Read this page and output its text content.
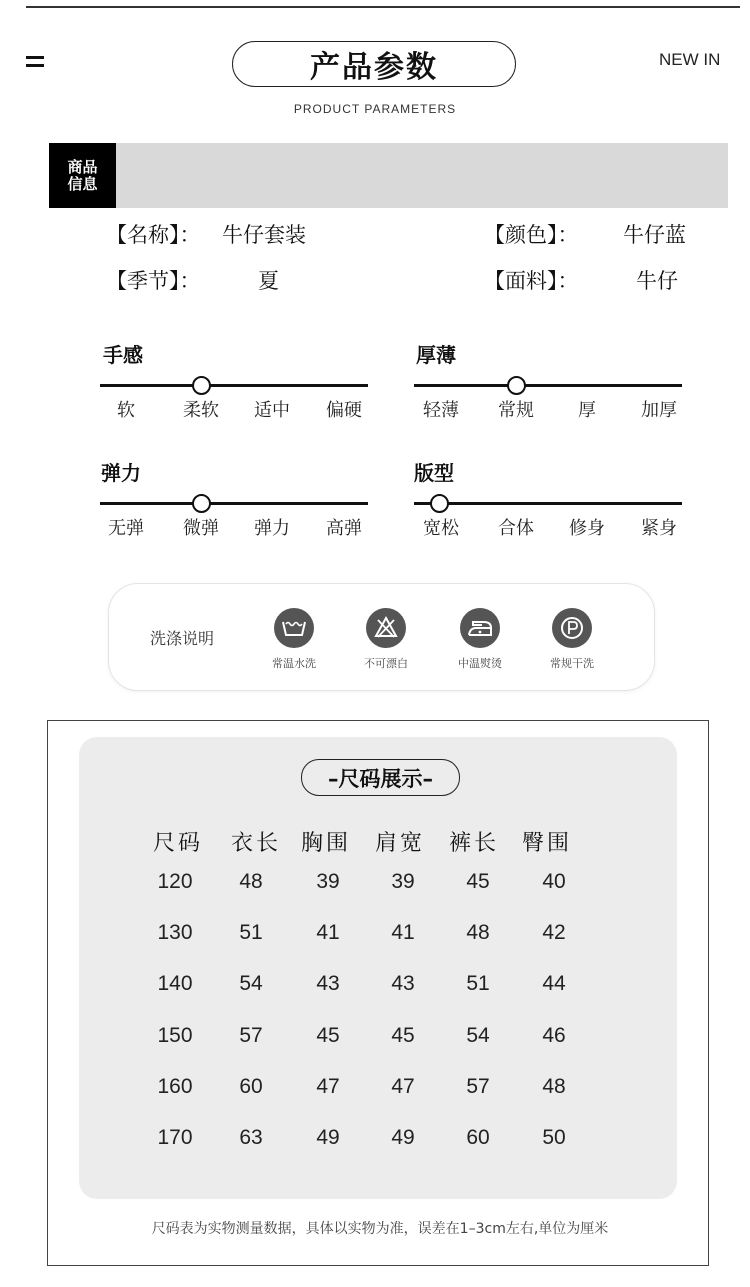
产品参数	NEW IN
PRODUCT PARAMETERS
商品信息
【名称】： 牛仔套装	【颜色】： 牛仔蓝
【季节】：	夏	【面料】：	牛仔
手感
软	柔软 适中 偏硬
厚薄
轻薄 常规 厚	加厚
弹力
无弹 微弹 弹力 高弹
版型
宽松 合体 修身 紧身
洗涤说明
常温水洗	不可漂白	中温熨烫	常规干洗
–尺码展示–
尺码 衣长 胸围 肩宽 裤长 臀围
120 48	39 39 45	40
130 51	41 41 48	42
140 54	43 43 51	44
150 57	45 45 54	46
160 60	47 47 57	48
170 63	49 49 60	50
尺码表为实物测量数据，具体以实物为准，误差在1–3cm左右,单位为厘米
